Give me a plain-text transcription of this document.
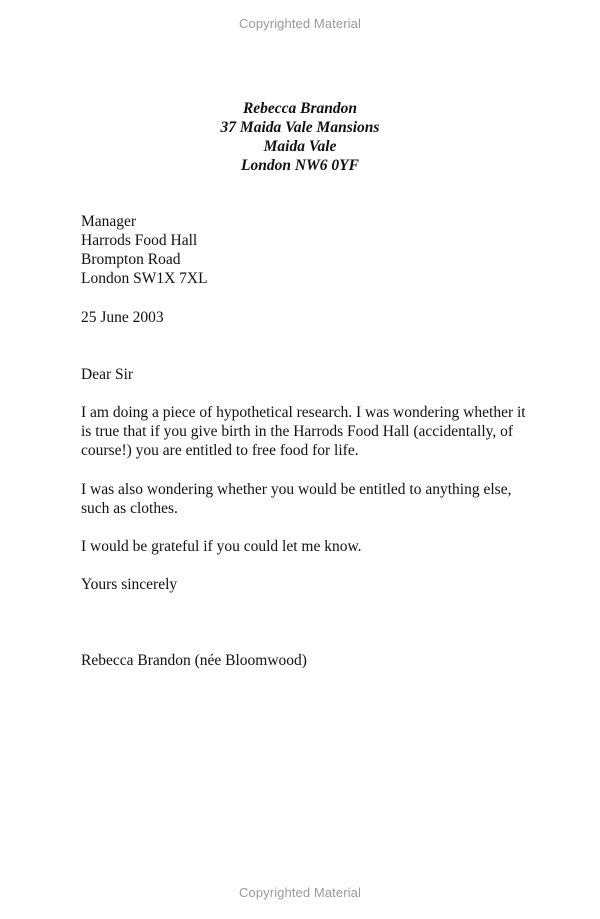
Copyrighted Material
Rebecca Brandon
37 Maida Vale Mansions
Maida Vale
London NW6 0YF
Manager
Harrods Food Hall
Brompton Road
London SW1X 7XL
25 June 2003
Dear Sir
I am doing a piece of hypothetical research. I was wondering whether it
is true that if you give birth in the Harrods Food Hall (accidentally, of
course!) you are entitled to free food for life.
I was also wondering whether you would be entitled to anything else,
such as clothes.
I would be grateful if you could let me know.
Yours sincerely
Rebecca Brandon (née Bloomwood)
Copyrighted Material
